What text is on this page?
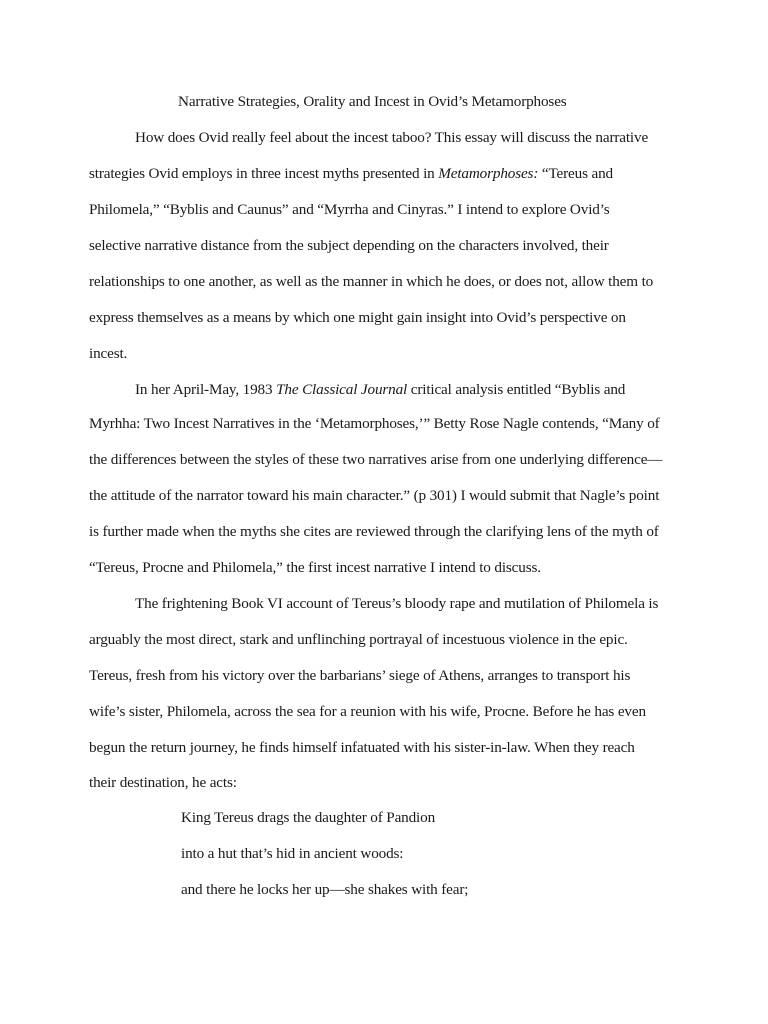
Narrative Strategies, Orality and Incest in Ovid’s Metamorphoses
How does Ovid really feel about the incest taboo? This essay will discuss the narrative
strategies Ovid employs in three incest myths presented in Metamorphoses: “Tereus and
Philomela,” “Byblis and Caunus” and “Myrrha and Cinyras.” I intend to explore Ovid’s
selective narrative distance from the subject depending on the characters involved, their
relationships to one another, as well as the manner in which he does, or does not, allow them to
express themselves as a means by which one might gain insight into Ovid’s perspective on
incest.
In her April-May, 1983 The Classical Journal critical analysis entitled “Byblis and
Myrhha: Two Incest Narratives in the ‘Metamorphoses,’” Betty Rose Nagle contends, “Many of
the differences between the styles of these two narratives arise from one underlying difference—
the attitude of the narrator toward his main character.” (p 301) I would submit that Nagle’s point
is further made when the myths she cites are reviewed through the clarifying lens of the myth of
“Tereus, Procne and Philomela,” the first incest narrative I intend to discuss.
The frightening Book VI account of Tereus’s bloody rape and mutilation of Philomela is
arguably the most direct, stark and unflinching portrayal of incestuous violence in the epic.
Tereus, fresh from his victory over the barbarians’ siege of Athens, arranges to transport his
wife’s sister, Philomela, across the sea for a reunion with his wife, Procne. Before he has even
begun the return journey, he finds himself infatuated with his sister-in-law. When they reach
their destination, he acts:
King Tereus drags the daughter of Pandion
into a hut that’s hid in ancient woods:
and there he locks her up—she shakes with fear;
